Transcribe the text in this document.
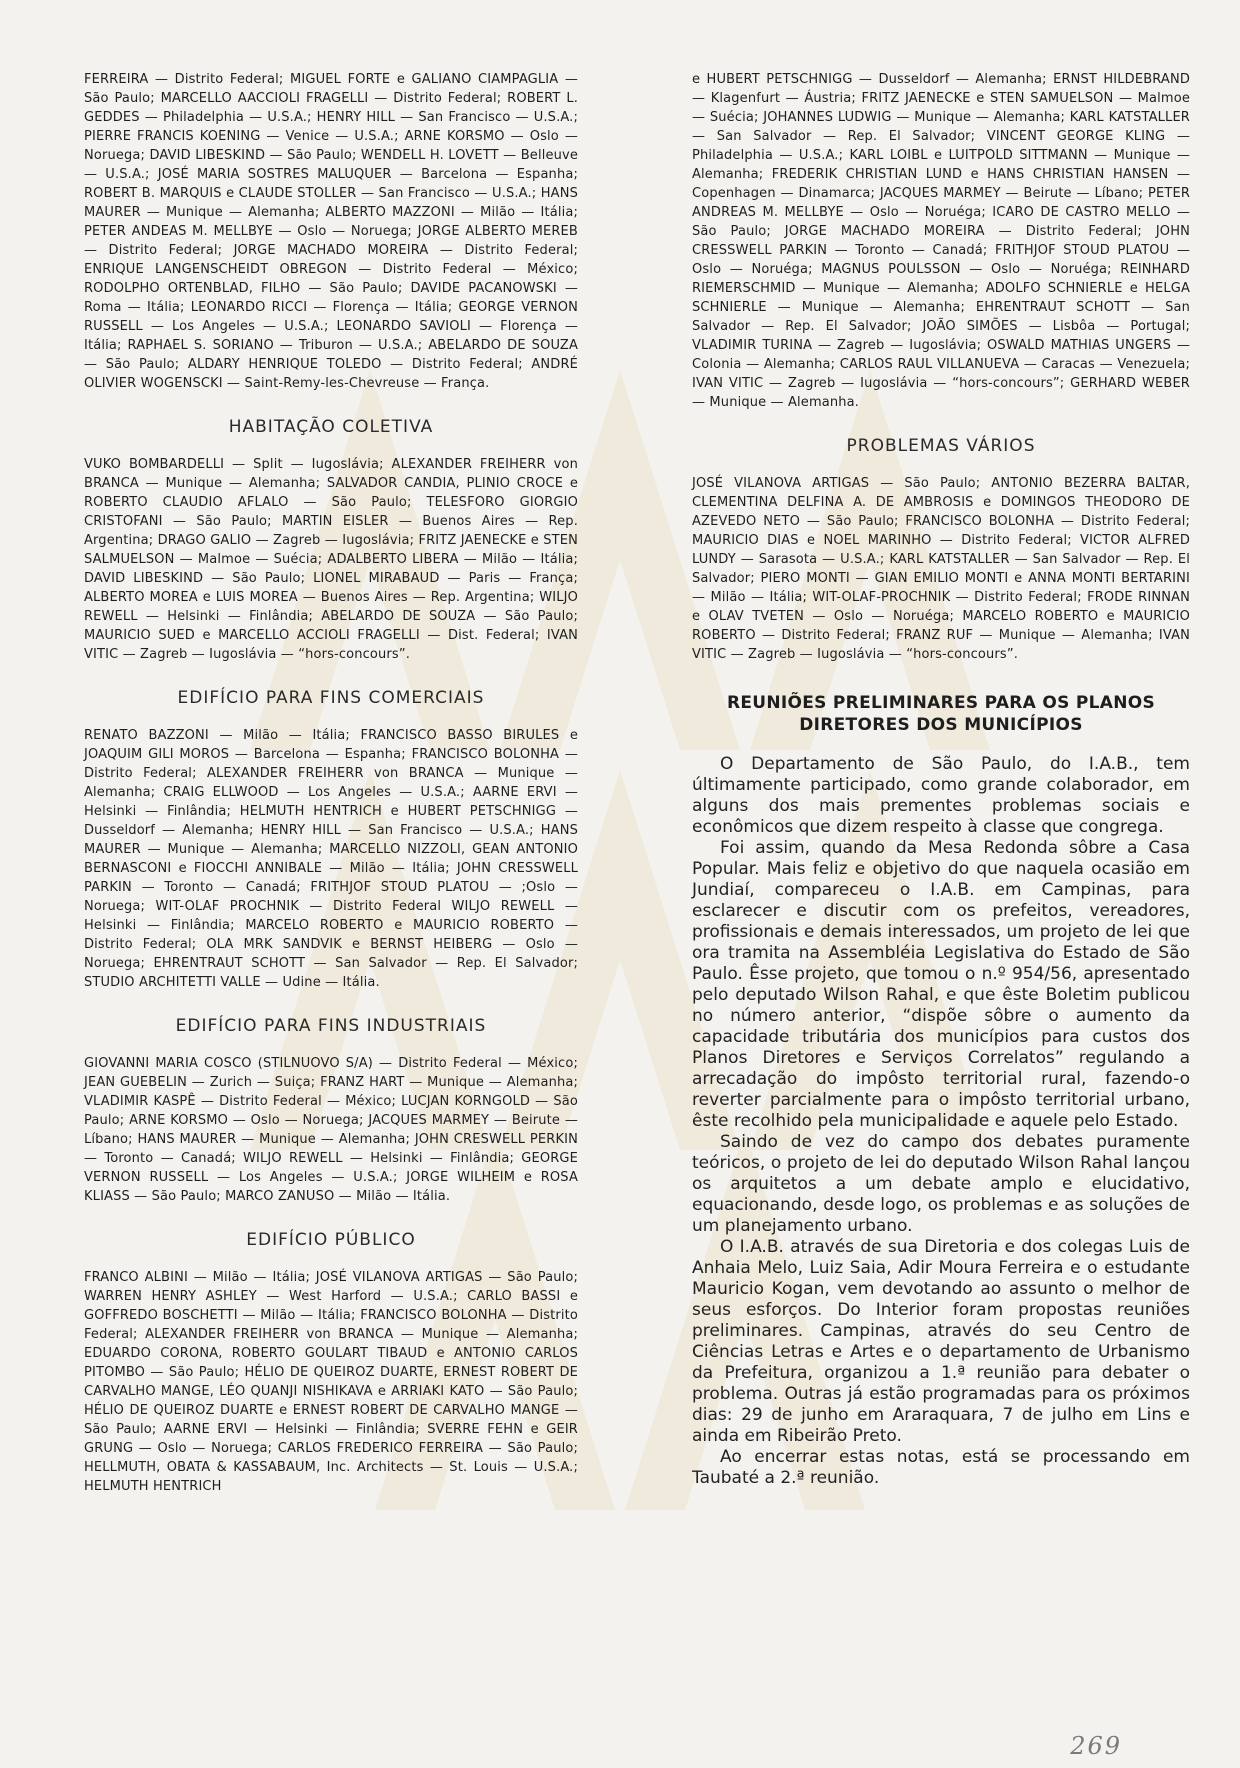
FERREIRA — Distrito Federal; MIGUEL FORTE e GALIANO CIAMPAGLIA — São Paulo; MARCELLO AACCIOLI FRAGELLI — Distrito Federal; ROBERT L. GEDDES — Philadelphia — U.S.A.; HENRY HILL — San Francisco — U.S.A.; PIERRE FRANCIS KOENING — Venice — U.S.A.; ARNE KORSMO — Oslo — Noruega; DAVID LIBESKIND — São Paulo; WENDELL H. LOVETT — Belleuve — U.S.A.; JOSÉ MARIA SOSTRES MALUQUER — Barcelona — Espanha; ROBERT B. MARQUIS e CLAUDE STOLLER — San Francisco — U.S.A.; HANS MAURER — Munique — Alemanha; ALBERTO MAZZONI — Milão — Itália; PETER ANDEAS M. MELLBYE — Oslo — Noruega; JORGE ALBERTO MEREB — Distrito Federal; JORGE MACHADO MOREIRA — Distrito Federal; ENRIQUE LANGENSCHEIDT OBREGON — Distrito Federal — México; RODOLPHO ORTENBLAD, FILHO — São Paulo; DAVIDE PACANOWSKI — Roma — Itália; LEONARDO RICCI — Florença — Itália; GEORGE VERNON RUSSELL — Los Angeles — U.S.A.; LEONARDO SAVIOLI — Florença — Itália; RAPHAEL S. SORIANO — Triburon — U.S.A.; ABELARDO DE SOUZA — São Paulo; ALDARY HENRIQUE TOLEDO — Distrito Federal; ANDRÉ OLIVIER WOGENSCKI — Saint-Remy-les-Chevreuse — França.

HABITAÇÃO COLETIVA

VUKO BOMBARDELLI — Split — Iugoslávia; ALEXANDER FREIHERR von BRANCA — Munique — Alemanha; SALVADOR CANDIA, PLINIO CROCE e ROBERTO CLAUDIO AFLALO — São Paulo; TELESFORO GIORGIO CRISTOFANI — São Paulo; MARTIN EISLER — Buenos Aires — Rep. Argentina; DRAGO GALIO — Zagreb — Iugoslávia; FRITZ JAENECKE e STEN SALMUELSON — Malmoe — Suécia; ADALBERTO LIBERA — Milão — Itália; DAVID LIBESKIND — São Paulo; LIONEL MIRABAUD — Paris — França; ALBERTO MOREA e LUIS MOREA — Buenos Aires — Rep. Argentina; WILJO REWELL — Helsinki — Finlândia; ABELARDO DE SOUZA — São Paulo; MAURICIO SUED e MARCELLO ACCIOLI FRAGELLI — Dist. Federal; IVAN VITIC — Zagreb — Iugoslávia — “hors-concours”.

EDIFÍCIO PARA FINS COMERCIAIS

RENATO BAZZONI — Milão — Itália; FRANCISCO BASSO BIRULES e JOAQUIM GILI MOROS — Barcelona — Espanha; FRANCISCO BOLONHA — Distrito Federal; ALEXANDER FREIHERR von BRANCA — Munique — Alemanha; CRAIG ELLWOOD — Los Angeles — U.S.A.; AARNE ERVI — Helsinki — Finlândia; HELMUTH HENTRICH e HUBERT PETSCHNIGG — Dusseldorf — Alemanha; HENRY HILL — San Francisco — U.S.A.; HANS MAURER — Munique — Alemanha; MARCELLO NIZZOLI, GEAN ANTONIO BERNASCONI e FIOCCHI ANNIBALE — Milão — Itália; JOHN CRESSWELL PARKIN — Toronto — Canadá; FRITHJOF STOUD PLATOU — ;Oslo — Noruega; WIT-OLAF PROCHNIK — Distrito Federal WILJO REWELL — Helsinki — Finlândia; MARCELO ROBERTO e MAURICIO ROBERTO — Distrito Federal; OLA MRK SANDVIK e BERNST HEIBERG — Oslo — Noruega; EHRENTRAUT SCHOTT — San Salvador — Rep. El Salvador; STUDIO ARCHITETTI VALLE — Udine — Itália.

EDIFÍCIO PARA FINS INDUSTRIAIS

GIOVANNI MARIA COSCO (STILNUOVO S/A) — Distrito Federal — México; JEAN GUEBELIN — Zurich — Suiça; FRANZ HART — Munique — Alemanha; VLADIMIR KASPÊ — Distrito Federal — México; LUCJAN KORNGOLD — São Paulo; ARNE KORSMO — Oslo — Noruega; JACQUES MARMEY — Beirute — Líbano; HANS MAURER — Munique — Alemanha; JOHN CRESWELL PERKIN — Toronto — Canadá; WILJO REWELL — Helsinki — Finlândia; GEORGE VERNON RUSSELL — Los Angeles — U.S.A.; JORGE WILHEIM e ROSA KLIASS — São Paulo; MARCO ZANUSO — Milão — Itália.

EDIFÍCIO PÚBLICO

FRANCO ALBINI — Milão — Itália; JOSÉ VILANOVA ARTIGAS — São Paulo; WARREN HENRY ASHLEY — West Harford — U.S.A.; CARLO BASSI e GOFFREDO BOSCHETTI — Milão — Itália; FRANCISCO BOLONHA — Distrito Federal; ALEXANDER FREIHERR von BRANCA — Munique — Alemanha; EDUARDO CORONA, ROBERTO GOULART TIBAUD e ANTONIO CARLOS PITOMBO — São Paulo; HÉLIO DE QUEIROZ DUARTE, ERNEST ROBERT DE CARVALHO MANGE, LÉO QUANJI NISHIKAVA e ARRIAKI KATO — São Paulo; HÉLIO DE QUEIROZ DUARTE e ERNEST ROBERT DE CARVALHO MANGE — São Paulo; AARNE ERVI — Helsinki — Finlândia; SVERRE FEHN e GEIR GRUNG — Oslo — Noruega; CARLOS FREDERICO FERREIRA — São Paulo; HELLMUTH, OBATA & KASSABAUM, Inc. Architects — St. Louis — U.S.A.; HELMUTH HENTRICH

e HUBERT PETSCHNIGG — Dusseldorf — Alemanha; ERNST HILDEBRAND — Klagenfurt — Áustria; FRITZ JAENECKE e STEN SAMUELSON — Malmoe — Suécia; JOHANNES LUDWIG — Munique — Alemanha; KARL KATSTALLER — San Salvador — Rep. El Salvador; VINCENT GEORGE KLING — Philadelphia — U.S.A.; KARL LOIBL e LUITPOLD SITTMANN — Munique — Alemanha; FREDERIK CHRISTIAN LUND e HANS CHRISTIAN HANSEN — Copenhagen — Dinamarca; JACQUES MARMEY — Beirute — Líbano; PETER ANDREAS M. MELLBYE — Oslo — Noruéga; ICARO DE CASTRO MELLO — São Paulo; JORGE MACHADO MOREIRA — Distrito Federal; JOHN CRESSWELL PARKIN — Toronto — Canadá; FRITHJOF STOUD PLATOU — Oslo — Noruéga; MAGNUS POULSSON — Oslo — Noruéga; REINHARD RIEMERSCHMID — Munique — Alemanha; ADOLFO SCHNIERLE e HELGA SCHNIERLE — Munique — Alemanha; EHRENTRAUT SCHOTT — San Salvador — Rep. El Salvador; JOÃO SIMÕES — Lisbôa — Portugal; VLADIMIR TURINA — Zagreb — Iugoslávia; OSWALD MATHIAS UNGERS — Colonia — Alemanha; CARLOS RAUL VILLANUEVA — Caracas — Venezuela; IVAN VITIC — Zagreb — Iugoslávia — “hors-concours”; GERHARD WEBER — Munique — Alemanha.

PROBLEMAS VÁRIOS

JOSÉ VILANOVA ARTIGAS — São Paulo; ANTONIO BEZERRA BALTAR, CLEMENTINA DELFINA A. DE AMBROSIS e DOMINGOS THEODORO DE AZEVEDO NETO — São Paulo; FRANCISCO BOLONHA — Distrito Federal; MAURICIO DIAS e NOEL MARINHO — Distrito Federal; VICTOR ALFRED LUNDY — Sarasota — U.S.A.; KARL KATSTALLER — San Salvador — Rep. El Salvador; PIERO MONTI — GIAN EMILIO MONTI e ANNA MONTI BERTARINI — Milão — Itália; WIT-OLAF-PROCHNIK — Distrito Federal; FRODE RINNAN e OLAV TVETEN — Oslo — Noruéga; MARCELO ROBERTO e MAURICIO ROBERTO — Distrito Federal; FRANZ RUF — Munique — Alemanha; IVAN VITIC — Zagreb — Iugoslávia — “hors-concours”.

REUNIÕES PRELIMINARES PARA OS PLANOS
DIRETORES DOS MUNICÍPIOS

O Departamento de São Paulo, do I.A.B., tem últimamente participado, como grande colaborador, em alguns dos mais prementes problemas sociais e econômicos que dizem respeito à classe que congrega.

Foi assim, quando da Mesa Redonda sôbre a Casa Popular. Mais feliz e objetivo do que naquela ocasião em Jundiaí, compareceu o I.A.B. em Campinas, para esclarecer e discutir com os prefeitos, vereadores, profissionais e demais interessados, um projeto de lei que ora tramita na Assembléia Legislativa do Estado de São Paulo. Êsse projeto, que tomou o n.º 954/56, apresentado pelo deputado Wilson Rahal, e que êste Boletim publicou no número anterior, “dispõe sôbre o aumento da capacidade tributária dos municípios para custos dos Planos Diretores e Serviços Correlatos” regulando a arrecadação do impôsto territorial rural, fazendo-o reverter parcialmente para o impôsto territorial urbano, êste recolhido pela municipalidade e aquele pelo Estado.

Saindo de vez do campo dos debates puramente teóricos, o projeto de lei do deputado Wilson Rahal lançou os arquitetos a um debate amplo e elucidativo, equacionando, desde logo, os problemas e as soluções de um planejamento urbano.

O I.A.B. através de sua Diretoria e dos colegas Luis de Anhaia Melo, Luiz Saia, Adir Moura Ferreira e o estudante Mauricio Kogan, vem devotando ao assunto o melhor de seus esforços. Do Interior foram propostas reuniões preliminares. Campinas, através do seu Centro de Ciências Letras e Artes e o departamento de Urbanismo da Prefeitura, organizou a 1.ª reunião para debater o problema. Outras já estão programadas para os próximos dias: 29 de junho em Araraquara, 7 de julho em Lins e ainda em Ribeirão Preto.

Ao encerrar estas notas, está se processando em Taubaté a 2.ª reunião.

269
